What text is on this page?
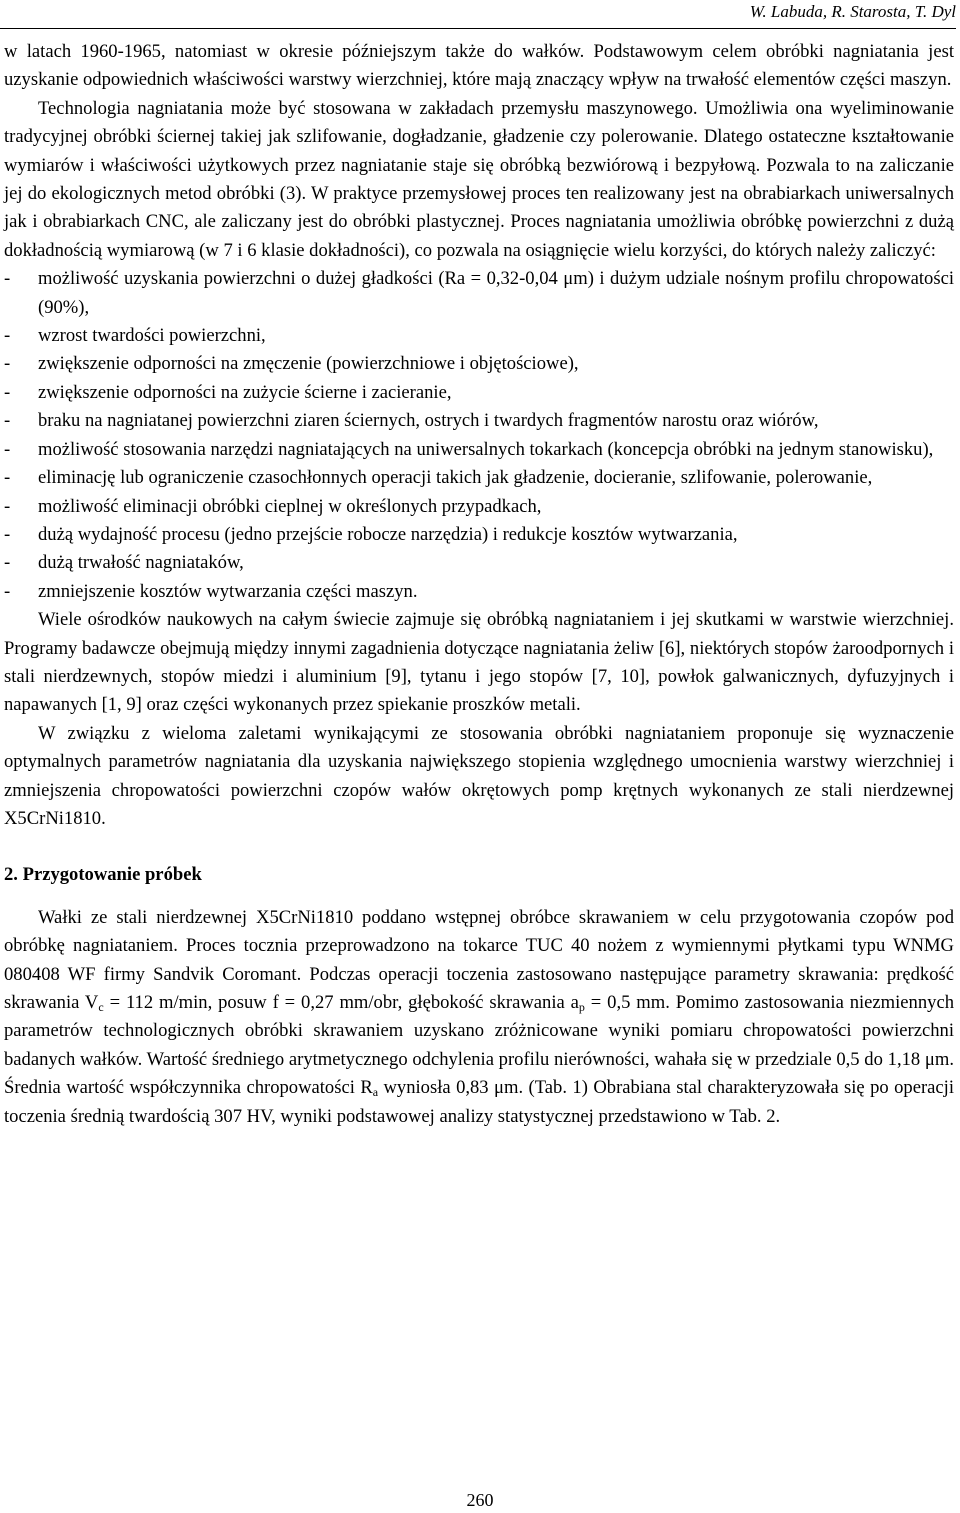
W. Labuda, R. Starosta, T. Dyl

w latach 1960-1965, natomiast w okresie późniejszym także do wałków. Podstawowym celem obróbki nagniatania jest uzyskanie odpowiednich właściwości warstwy wierzchniej, które mają znaczący wpływ na trwałość elementów części maszyn.

Technologia nagniatania może być stosowana w zakładach przemysłu maszynowego. Umożliwia ona wyeliminowanie tradycyjnej obróbki ściernej takiej jak szlifowanie, dogładzanie, gładzenie czy polerowanie. Dlatego ostateczne kształtowanie wymiarów i właściwości użytkowych przez nagniatanie staje się obróbką bezwiórową i bezpyłową. Pozwala to na zaliczanie jej do ekologicznych metod obróbki (3). W praktyce przemysłowej proces ten realizowany jest na obrabiarkach uniwersalnych jak i obrabiarkach CNC, ale zaliczany jest do obróbki plastycznej. Proces nagniatania umożliwia obróbkę powierzchni z dużą dokładnością wymiarową (w 7 i 6 klasie dokładności), co pozwala na osiągnięcie wielu korzyści, do których należy zaliczyć:

- możliwość uzyskania powierzchni o dużej gładkości (Ra = 0,32-0,04 μm) i dużym udziale nośnym profilu chropowatości (90%),
- wzrost twardości powierzchni,
- zwiększenie odporności na zmęczenie (powierzchniowe i objętościowe),
- zwiększenie odporności na zużycie ścierne i zacieranie,
- braku na nagniatanej powierzchni ziaren ściernych, ostrych i twardych fragmentów narostu oraz wiórów,
- możliwość stosowania narzędzi nagniatających na uniwersalnych tokarkach (koncepcja obróbki na jednym stanowisku),
- eliminację lub ograniczenie czasochłonnych operacji takich jak gładzenie, docieranie, szlifowanie, polerowanie,
- możliwość eliminacji obróbki cieplnej w określonych przypadkach,
- dużą wydajność procesu (jedno przejście robocze narzędzia) i redukcje kosztów wytwarzania,
- dużą trwałość nagniataków,
- zmniejszenie kosztów wytwarzania części maszyn.

Wiele ośrodków naukowych na całym świecie zajmuje się obróbką nagniataniem i jej skutkami w warstwie wierzchniej. Programy badawcze obejmują między innymi zagadnienia dotyczące nagniatania żeliw [6], niektórych stopów żaroodpornych i stali nierdzewnych, stopów miedzi i aluminium [9], tytanu i jego stopów [7, 10], powłok galwanicznych, dyfuzyjnych i napawanych [1, 9] oraz części wykonanych przez spiekanie proszków metali.

W związku z wieloma zaletami wynikającymi ze stosowania obróbki nagniataniem proponuje się wyznaczenie optymalnych parametrów nagniatania dla uzyskania największego stopienia względnego umocnienia warstwy wierzchniej i zmniejszenia chropowatości powierzchni czopów wałów okrętowych pomp krętnych wykonanych ze stali nierdzewnej X5CrNi1810.

2. Przygotowanie próbek

Wałki ze stali nierdzewnej X5CrNi1810 poddano wstępnej obróbce skrawaniem w celu przygotowania czopów pod obróbkę nagniataniem. Proces tocznia przeprowadzono na tokarce TUC 40 nożem z wymiennymi płytkami typu WNMG 080408 WF firmy Sandvik Coromant. Podczas operacji toczenia zastosowano następujące parametry skrawania: prędkość skrawania $V_c = 112$ m/min, posuw f = 0,27 mm/obr, głębokość skrawania $a_p = 0,5$ mm. Pomimo zastosowania niezmiennych parametrów technologicznych obróbki skrawaniem uzyskano zróżnicowane wyniki pomiaru chropowatości powierzchni badanych wałków. Wartość średniego arytmetycznego odchylenia profilu nierówności, wahała się w przedziale 0,5 do 1,18 μm. Średnia wartość współczynnika chropowatości $R_a$ wyniosła 0,83 μm. (Tab. 1) Obrabiana stal charakteryzowała się po operacji toczenia średnią twardością 307 HV, wyniki podstawowej analizy statystycznej przedstawiono w Tab. 2.

260
